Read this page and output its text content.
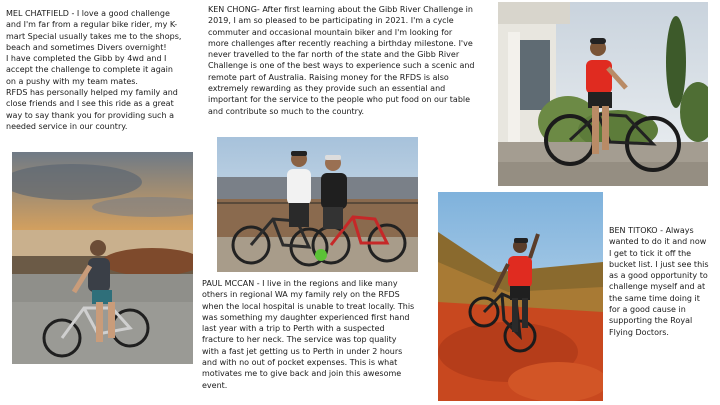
MEL CHATFIELD - I love a good challenge
and I'm far from a regular bike rider, my K-
mart Special usually takes me to the shops,
beach and sometimes Divers overnight!
I have completed the Gibb by 4wd and I
accept the challenge to complete it again
on a pushy with my team mates.
RFDS has personally helped my family and
close friends and I see this ride as a great
way to say thank you for providing such a
needed service in our country.

KEN CHONG- After first learning about the Gibb River Challenge in
2019, I am so pleased to be participating in 2021. I'm a cycle
commuter and occasional mountain biker and I'm looking for
more challenges after recently reaching a birthday milestone. I've
never travelled to the far north of the state and the Gibb River
Challenge is one of the best ways to experience such a scenic and
remote part of Australia. Raising money for the RFDS is also
extremely rewarding as they provide such an essential and
important for the service to the people who put food on our table
and contribute so much to the country.

PAUL MCCAN - I live in the regions and like many
others in regional WA my family rely on the RFDS
when the local hospital is unable to treat locally. This
was something my daughter experienced first hand
last year with a trip to Perth with a suspected
fracture to her neck. The service was top quality
with a fast jet getting us to Perth in under 2 hours
and with no out of pocket expenses. This is what
motivates me to give back and join this awesome
event.

BEN TITOKO - Always
wanted to do it and now
I get to tick it off the
bucket list. I just see this
as a good opportunity to
challenge myself and at
the same time doing it
for a good cause in
supporting the Royal
Flying Doctors.
